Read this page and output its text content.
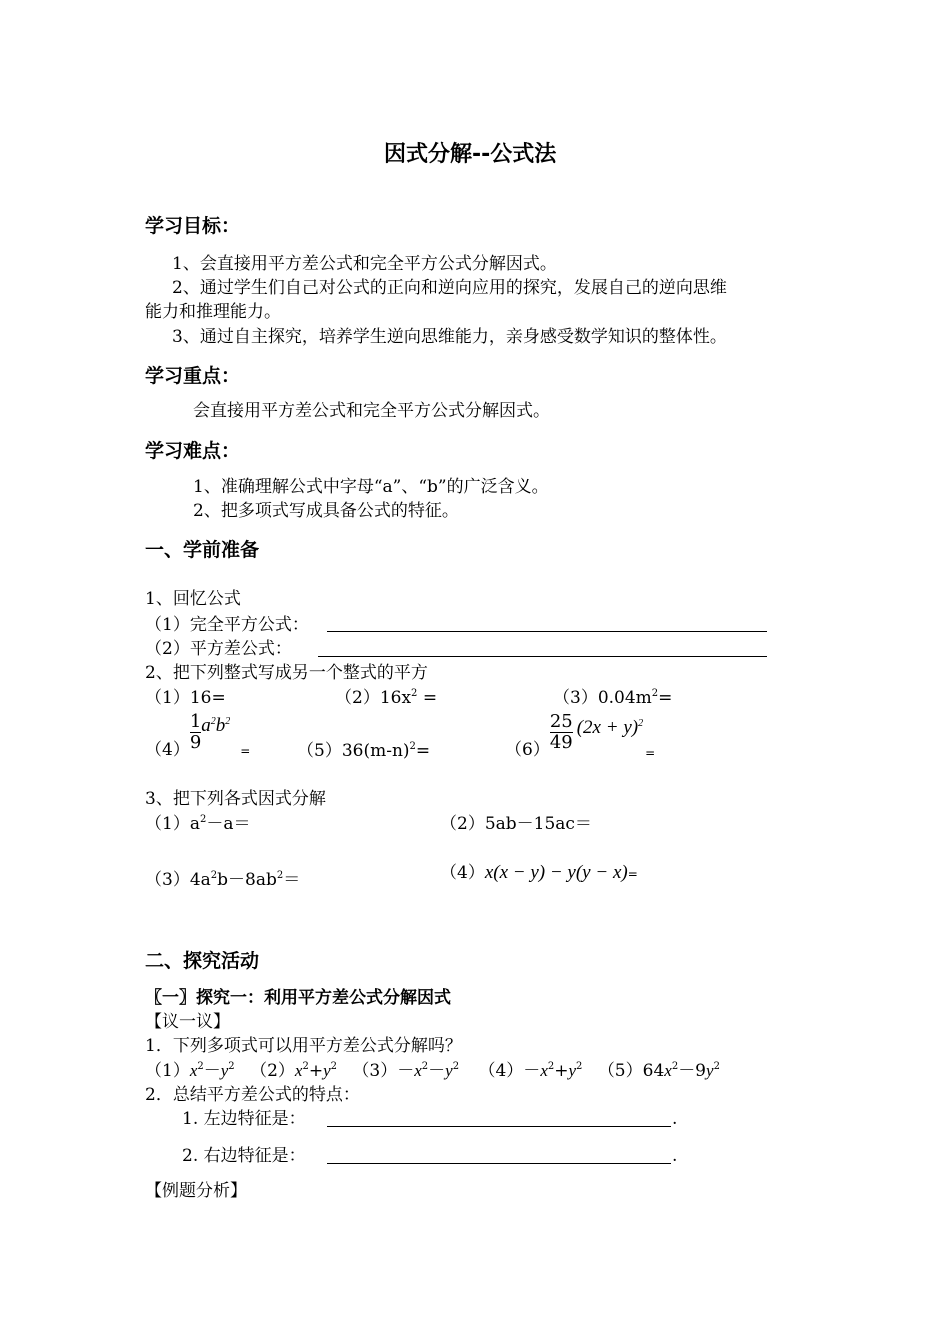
因式分解--公式法
学习目标：
1、会直接用平方差公式和完全平方公式分解因式。
2、通过学生们自己对公式的正向和逆向应用的探究，发展自己的逆向思维
能力和推理能力。
3、通过自主探究，培养学生逆向思维能力，亲身感受数学知识的整体性。
学习重点：
会直接用平方差公式和完全平方公式分解因式。
学习难点：
1、准确理解公式中字母“a”、“b”的广泛含义。
2、把多项式写成具备公式的特征。
一、学前准备
1、回忆公式
（1）完全平方公式：
（2）平方差公式：
2、把下列整式写成另一个整式的平方
（1）16=	$(2)16x^2$ =	$(3)0.04m^2=$
$(4) \frac{1}{9} a^2b^2_=$	$(5)36(m-n)^2=$	$(6) \frac{25}{49} (2x + y)^2_=$
3、把下列各式因式分解
$(1)a^2-a=$	（2）5ab－15ac＝
$(3)4a^2b-8ab^2=$	（4）x(x − y) − y(y − x)=
二、探究活动
〖一〗探究一：利用平方差公式分解因式
【议一议】
1．下列多项式可以用平方差公式分解吗？
$(1)x^2-y^2$ $(2)x^2+y^2$ $(3)-x^2-y^2$ $(4)-x^2+y^2$ $(5)64x^2-9y^2$
2．总结平方差公式的特点：
1. 左边特征是：	.
2. 右边特征是：	.
【例题分析】
